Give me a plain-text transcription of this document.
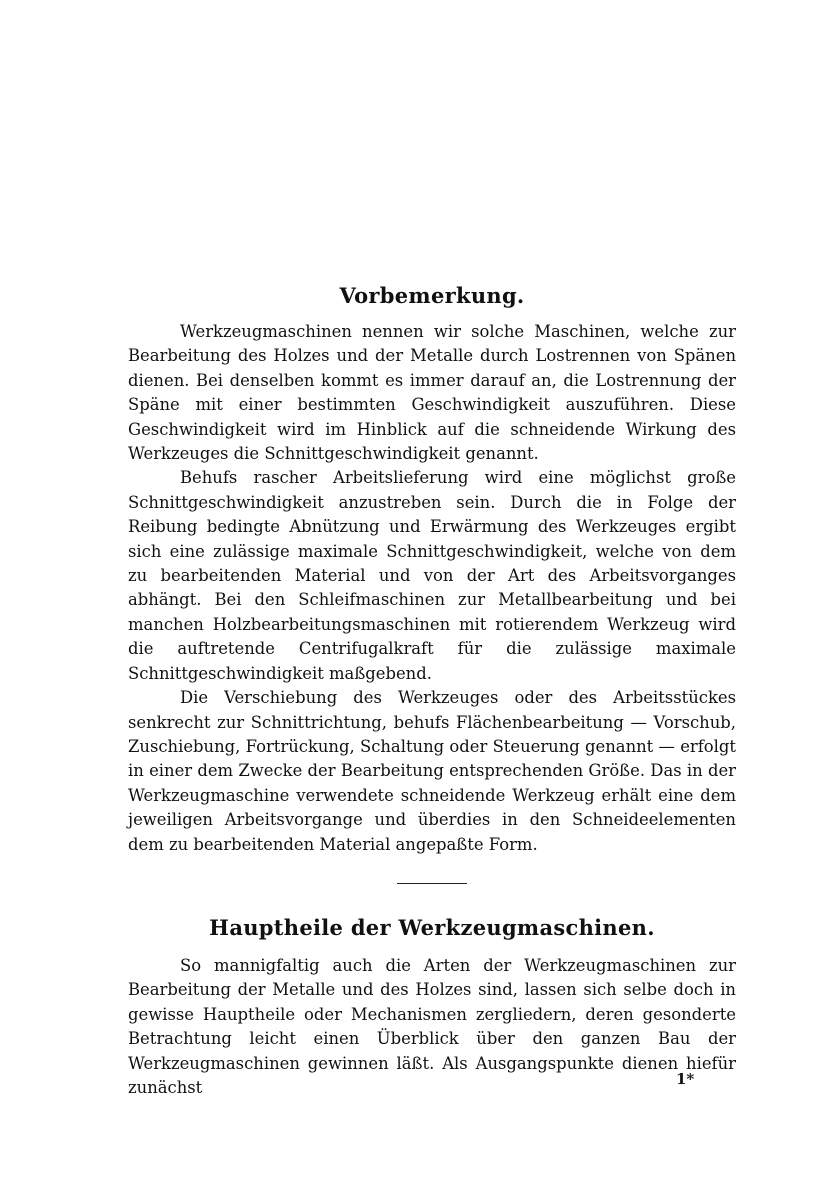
Vorbemerkung.

Werkzeugmaschinen nennen wir solche Maschinen, welche zur Bearbeitung des Holzes und der Metalle durch Lostrennen von Spänen dienen. Bei denselben kommt es immer darauf an, die Lostrennung der Späne mit einer bestimmten Geschwindigkeit auszuführen. Diese Geschwindigkeit wird im Hinblick auf die schneidende Wirkung des Werkzeuges die Schnittgeschwindigkeit genannt.

Behufs rascher Arbeitslieferung wird eine möglichst große Schnittgeschwindigkeit anzustreben sein. Durch die in Folge der Reibung bedingte Abnützung und Erwärmung des Werkzeuges ergibt sich eine zulässige maximale Schnittgeschwindigkeit, welche von dem zu bearbeitenden Material und von der Art des Arbeitsvorganges abhängt. Bei den Schleifmaschinen zur Metallbearbeitung und bei manchen Holzbearbeitungsmaschinen mit rotierendem Werkzeug wird die auftretende Centrifugalkraft für die zulässige maximale Schnittgeschwindigkeit maßgebend.

Die Verschiebung des Werkzeuges oder des Arbeitsstückes senkrecht zur Schnittrichtung, behufs Flächenbearbeitung — Vorschub, Zuschiebung, Fortrückung, Schaltung oder Steuerung genannt — erfolgt in einer dem Zwecke der Bearbeitung entsprechenden Größe. Das in der Werkzeugmaschine verwendete schneidende Werkzeug erhält eine dem jeweiligen Arbeitsvorgange und überdies in den Schneideelementen dem zu bearbeitenden Material angepaßte Form.

Hauptheile der Werkzeugmaschinen.

So mannigfaltig auch die Arten der Werkzeugmaschinen zur Bearbeitung der Metalle und des Holzes sind, lassen sich selbe doch in gewisse Hauptheile oder Mechanismen zergliedern, deren gesonderte Betrachtung leicht einen Überblick über den ganzen Bau der Werkzeugmaschinen gewinnen läßt. Als Ausgangspunkte dienen hiefür zunächst	1*
